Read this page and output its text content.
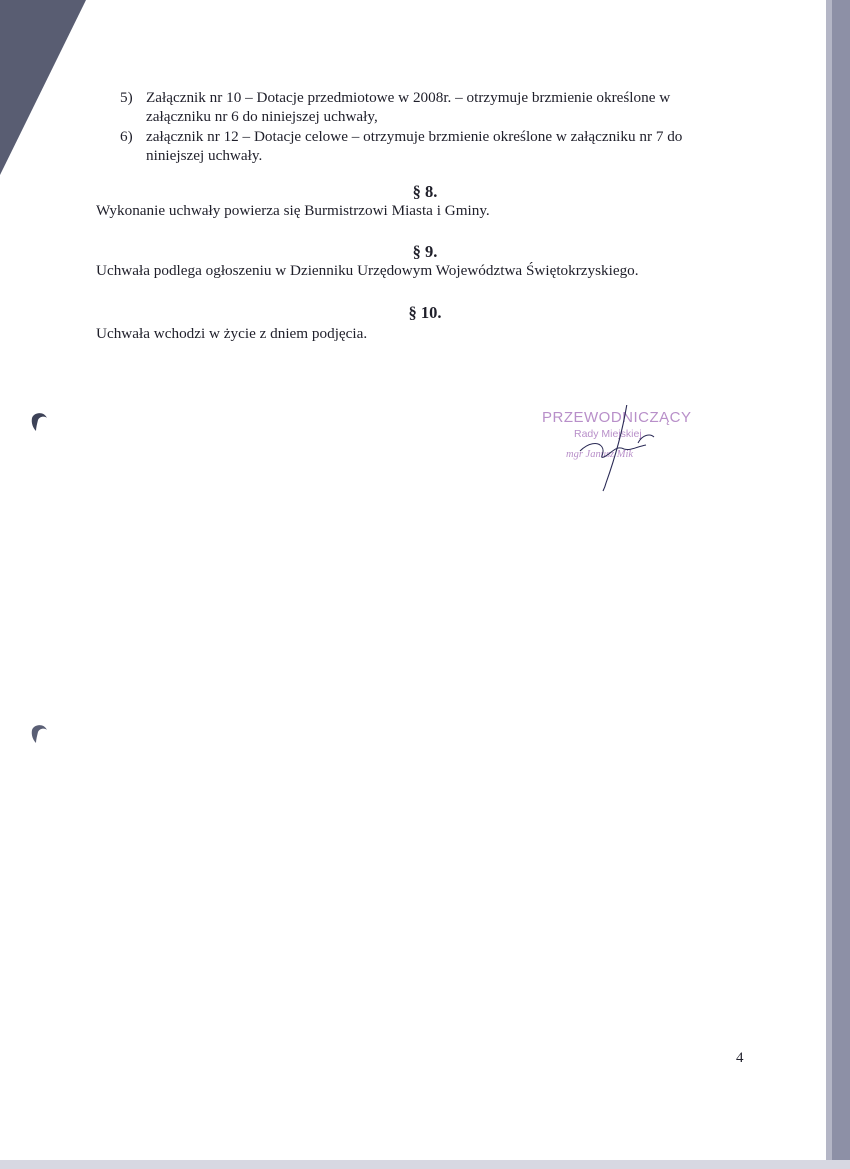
5) Załącznik nr 10 – Dotacje przedmiotowe w 2008r. – otrzymuje brzmienie określone w
załączniku nr 6 do niniejszej uchwały,
6) załącznik nr 12 – Dotacje celowe – otrzymuje brzmienie określone w załączniku nr 7 do
niniejszej uchwały.
§ 8.
Wykonanie uchwały powierza się Burmistrzowi Miasta i Gminy.
§ 9.
Uchwała podlega ogłoszeniu w Dzienniku Urzędowym Województwa Świętokrzyskiego.
§ 10.
Uchwała wchodzi w życie z dniem podjęcia.
PRZEWODNICZĄCY
Rady Miejskiej
mgr Janusz Mik
4
